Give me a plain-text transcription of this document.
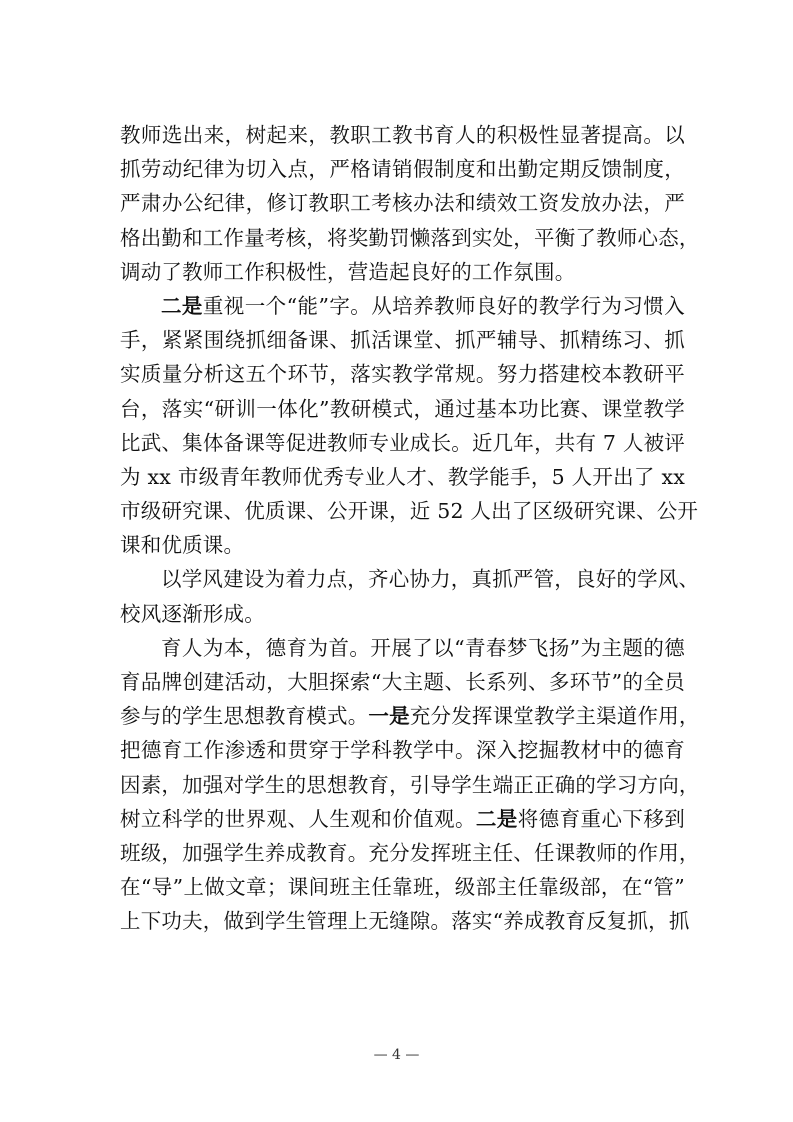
教师选出来，树起来，教职工教书育人的积极性显著提高。以
抓劳动纪律为切入点，严格请销假制度和出勤定期反馈制度，
严肃办公纪律，修订教职工考核办法和绩效工资发放办法，严
格出勤和工作量考核，将奖勤罚懒落到实处，平衡了教师心态，
调动了教师工作积极性，营造起良好的工作氛围。
二是重视一个“能”字。从培养教师良好的教学行为习惯入
手，紧紧围绕抓细备课、抓活课堂、抓严辅导、抓精练习、抓
实质量分析这五个环节，落实教学常规。努力搭建校本教研平
台，落实“研训一体化”教研模式，通过基本功比赛、课堂教学
比武、集体备课等促进教师专业成长。近几年，共有 7 人被评
为 xx 市级青年教师优秀专业人才、教学能手，5 人开出了 xx
市级研究课、优质课、公开课，近 52 人出了区级研究课、公开
课和优质课。
以学风建设为着力点，齐心协力，真抓严管，良好的学风、
校风逐渐形成。
育人为本，德育为首。开展了以“青春梦飞扬”为主题的德
育品牌创建活动，大胆探索“大主题、长系列、多环节”的全员
参与的学生思想教育模式。一是充分发挥课堂教学主渠道作用，
把德育工作渗透和贯穿于学科教学中。深入挖掘教材中的德育
因素，加强对学生的思想教育，引导学生端正正确的学习方向，
树立科学的世界观、人生观和价值观。二是将德育重心下移到
班级，加强学生养成教育。充分发挥班主任、任课教师的作用，
在“导”上做文章；课间班主任靠班，级部主任靠级部，在“管”
上下功夫，做到学生管理上无缝隙。落实“养成教育反复抓，抓
— 4 —
